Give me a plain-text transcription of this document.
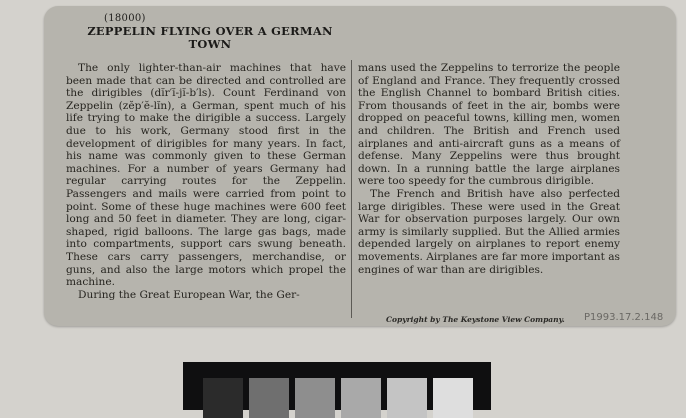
(18000)
ZEPPELIN FLYING OVER A GERMAN TOWN

The only lighter-than-air machines that have been made that can be directed and controlled are the dirigibles (dĭr′ĭ-jĭ-b′ls). Count Ferdinand von Zeppelin (zĕp′ĕ-lĭn), a German, spent much of his life trying to make the dirigible a success. Largely due to his work, Germany stood first in the development of dirigibles for many years. In fact, his name was commonly given to these German machines. For a number of years Germany had regular carrying routes for the Zeppelin. Passengers and mails were carried from point to point. Some of these huge machines were 600 feet long and 50 feet in diameter. They are long, cigar-shaped, rigid balloons. The large gas bags, made into compartments, support cars swung beneath. These cars carry passengers, merchandise, or guns, and also the large motors which propel the machine.

During the Great European War, the Ger-

mans used the Zeppelins to terrorize the people of England and France. They frequently crossed the English Channel to bombard British cities. From thousands of feet in the air, bombs were dropped on peaceful towns, killing men, women and children. The British and French used airplanes and anti-aircraft guns as a means of defense. Many Zeppelins were thus brought down. In a running battle the large airplanes were too speedy for the cumbrous dirigible.

The French and British have also perfected large dirigibles. These were used in the Great War for observation purposes largely. Our own army is similarly supplied. But the Allied armies depended largely on airplanes to report enemy movements. Airplanes are far more important as engines of war than are dirigibles.

Copyright by The Keystone View Company. P1993.17.2.148
